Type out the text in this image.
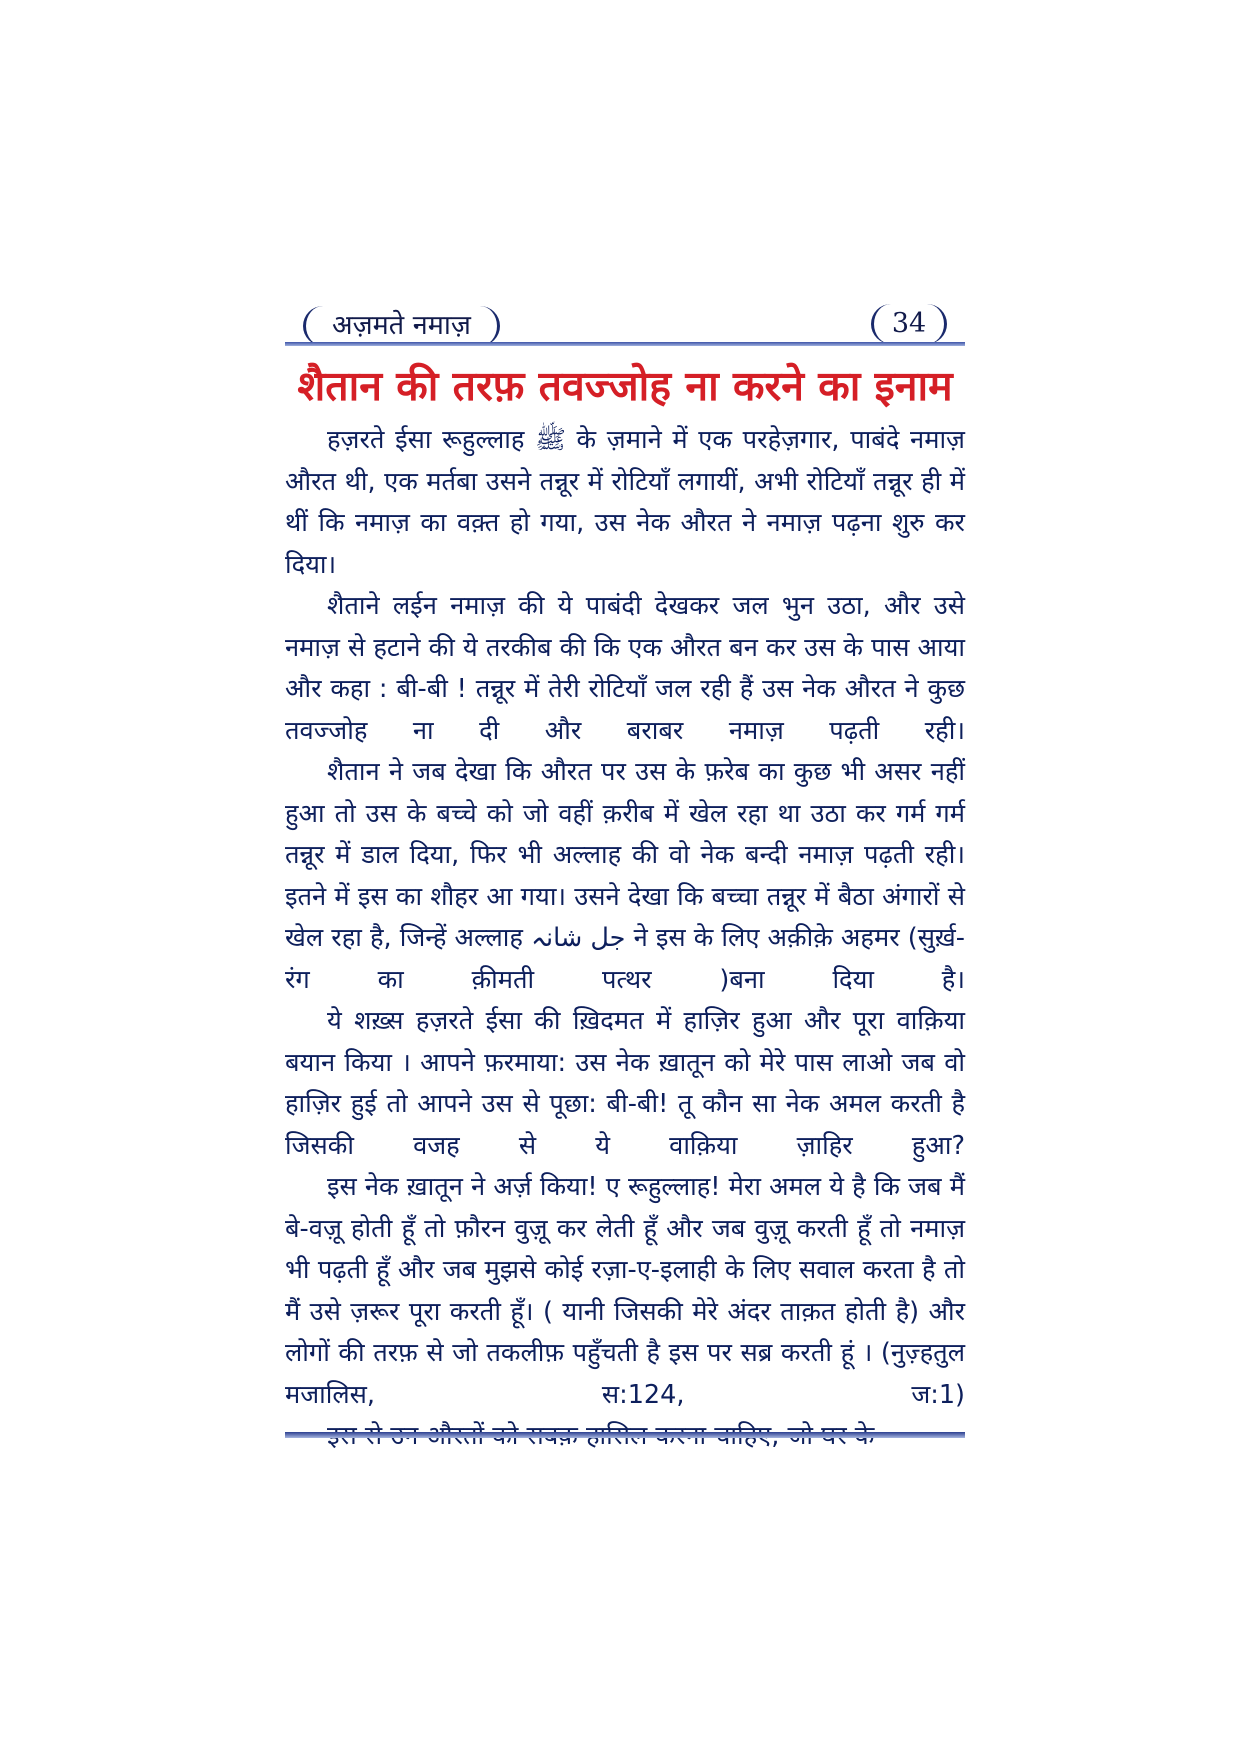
अज़मते नमाज़	34
शैतान की तरफ़ तवज्जोह ना करने का इनाम

हज़रते ईसा रूहुल्लाह ﷺ के ज़माने में एक परहेज़गार, पाबंदे नमाज़ औरत थी, एक मर्तबा उसने तन्नूर में रोटियाँ लगायीं, अभी रोटियाँ तन्नूर ही में थीं कि नमाज़ का वक़्त हो गया, उस नेक औरत ने नमाज़ पढ़ना शुरु कर दिया।

शैताने लईन नमाज़ की ये पाबंदी देखकर जल भुन उठा, और उसे नमाज़ से हटाने की ये तरकीब की कि एक औरत बन कर उस के पास आया और कहा : बी-बी ! तन्नूर में तेरी रोटियाँ जल रही हैं उस नेक औरत ने कुछ तवज्जोह ना दी और बराबर नमाज़ पढ़ती रही।

शैतान ने जब देखा कि औरत पर उस के फ़रेब का कुछ भी असर नहीं हुआ तो उस के बच्चे को जो वहीं क़रीब में खेल रहा था उठा कर गर्म गर्म तन्नूर में डाल दिया, फिर भी अल्लाह की वो नेक बन्दी नमाज़ पढ़ती रही। इतने में इस का शौहर आ गया। उसने देखा कि बच्चा तन्नूर में बैठा अंगारों से खेल रहा है, जिन्हें अल्लाह جل شانہ ने इस के लिए अक़ीक़े अहमर (सुर्ख़-रंग का क़ीमती पत्थर )बना दिया है।

ये शख़्स हज़रते ईसा की ख़िदमत में हाज़िर हुआ और पूरा वाक़िया बयान किया । आपने फ़रमाया: उस नेक ख़ातून को मेरे पास लाओ जब वो हाज़िर हुई तो आपने उस से पूछा: बी-बी! तू कौन सा नेक अमल करती है जिसकी वजह से ये वाक़िया ज़ाहिर हुआ?

इस नेक ख़ातून ने अर्ज़ किया! ए रूहुल्लाह! मेरा अमल ये है कि जब मैं बे-वज़ू होती हूँ तो फ़ौरन वुज़ू कर लेती हूँ और जब वुज़ू करती हूँ तो नमाज़ भी पढ़ती हूँ और जब मुझसे कोई रज़ा-ए-इलाही के लिए सवाल करता है तो मैं उसे ज़रूर पूरा करती हूँ। ( यानी जिसकी मेरे अंदर ताक़त होती है) और लोगों की तरफ़ से जो तकलीफ़ पहुँचती है इस पर सब्र करती हूं । (नुज़्हतुल मजालिस, स:124, ज:1)
